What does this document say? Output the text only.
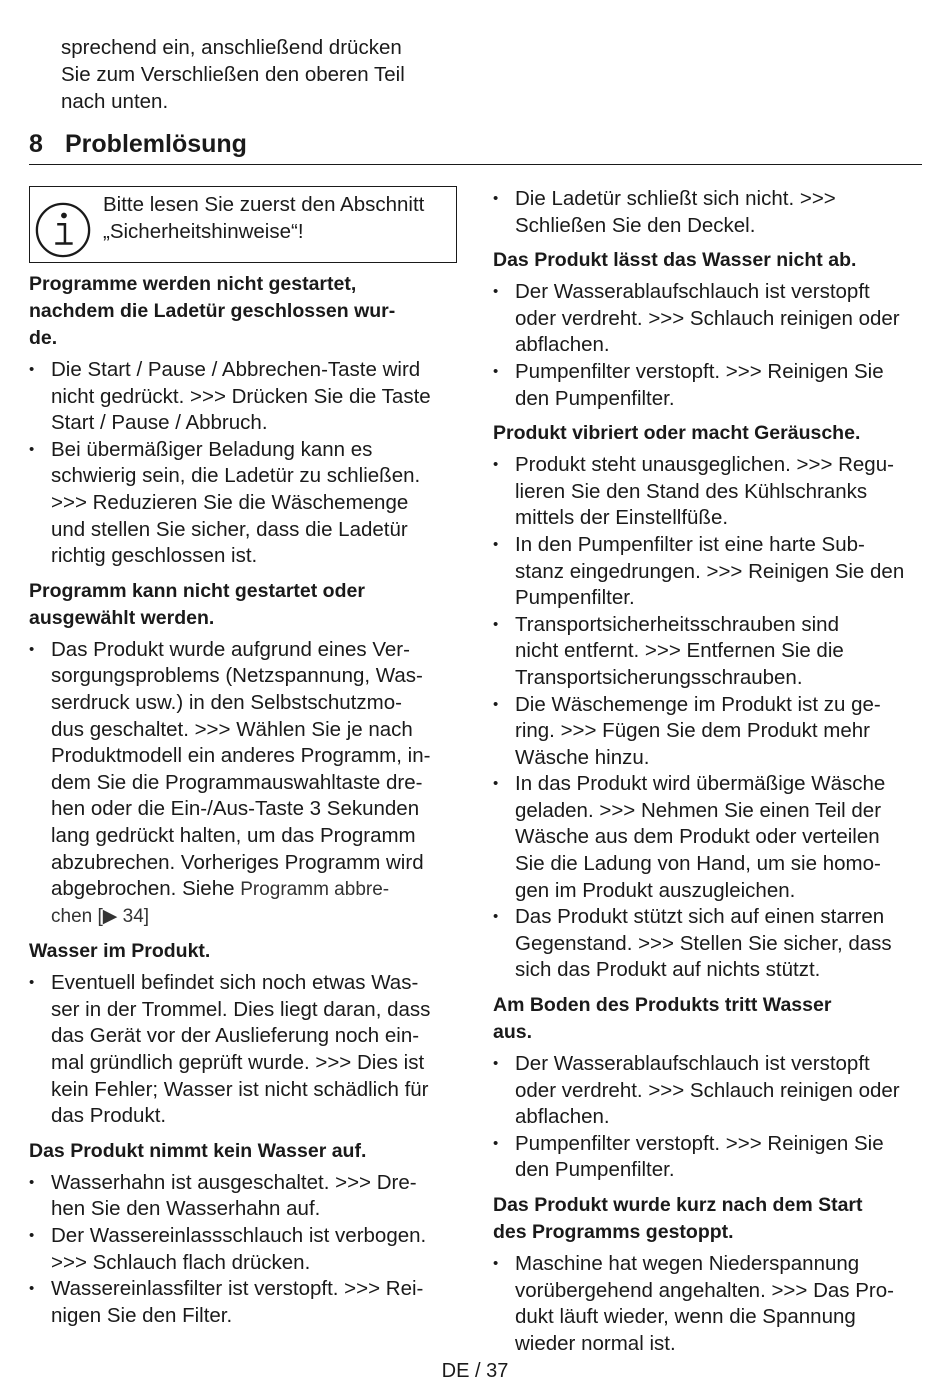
sprechend ein, anschließend drücken
Sie zum Verschließen den oberen Teil
nach unten.
8 Problemlösung
Bitte lesen Sie zuerst den Abschnitt
„Sicherheitshinweise“!
Programme werden nicht gestartet,
nachdem die Ladetür geschlossen wur-
de.
• Die Start / Pause / Abbrechen-Taste wird
nicht gedrückt. >>> Drücken Sie die Taste
Start / Pause / Abbruch.
• Bei übermäßiger Beladung kann es
schwierig sein, die Ladetür zu schließen.
>>> Reduzieren Sie die Wäschemenge
und stellen Sie sicher, dass die Ladetür
richtig geschlossen ist.
Programm kann nicht gestartet oder
ausgewählt werden.
• Das Produkt wurde aufgrund eines Ver-
sorgungsproblems (Netzspannung, Was-
serdruck usw.) in den Selbstschutzmo-
dus geschaltet. >>> Wählen Sie je nach
Produktmodell ein anderes Programm, in-
dem Sie die Programmauswahltaste dre-
hen oder die Ein-/Aus-Taste 3 Sekunden
lang gedrückt halten, um das Programm
abzubrechen. Vorheriges Programm wird
abgebrochen. Siehe Programm abbre-
chen [▶ 34]
Wasser im Produkt.
• Eventuell befindet sich noch etwas Was-
ser in der Trommel. Dies liegt daran, dass
das Gerät vor der Auslieferung noch ein-
mal gründlich geprüft wurde. >>> Dies ist
kein Fehler; Wasser ist nicht schädlich für
das Produkt.
Das Produkt nimmt kein Wasser auf.
• Wasserhahn ist ausgeschaltet. >>> Dre-
hen Sie den Wasserhahn auf.
• Der Wassereinlassschlauch ist verbogen.
>>> Schlauch flach drücken.
• Wassereinlassfilter ist verstopft. >>> Rei-
nigen Sie den Filter.
• Die Ladetür schließt sich nicht. >>>
Schließen Sie den Deckel.
Das Produkt lässt das Wasser nicht ab.
• Der Wasserablaufschlauch ist verstopft
oder verdreht. >>> Schlauch reinigen oder
abflachen.
• Pumpenfilter verstopft. >>> Reinigen Sie
den Pumpenfilter.
Produkt vibriert oder macht Geräusche.
• Produkt steht unausgeglichen. >>> Regu-
lieren Sie den Stand des Kühlschranks
mittels der Einstellfüße.
• In den Pumpenfilter ist eine harte Sub-
stanz eingedrungen. >>> Reinigen Sie den
Pumpenfilter.
• Transportsicherheitsschrauben sind
nicht entfernt. >>> Entfernen Sie die
Transportsicherungsschrauben.
• Die Wäschemenge im Produkt ist zu ge-
ring. >>> Fügen Sie dem Produkt mehr
Wäsche hinzu.
• In das Produkt wird übermäßige Wäsche
geladen. >>> Nehmen Sie einen Teil der
Wäsche aus dem Produkt oder verteilen
Sie die Ladung von Hand, um sie homo-
gen im Produkt auszugleichen.
• Das Produkt stützt sich auf einen starren
Gegenstand. >>> Stellen Sie sicher, dass
sich das Produkt auf nichts stützt.
Am Boden des Produkts tritt Wasser
aus.
• Der Wasserablaufschlauch ist verstopft
oder verdreht. >>> Schlauch reinigen oder
abflachen.
• Pumpenfilter verstopft. >>> Reinigen Sie
den Pumpenfilter.
Das Produkt wurde kurz nach dem Start
des Programms gestoppt.
• Maschine hat wegen Niederspannung
vorübergehend angehalten. >>> Das Pro-
dukt läuft wieder, wenn die Spannung
wieder normal ist.
DE / 37
